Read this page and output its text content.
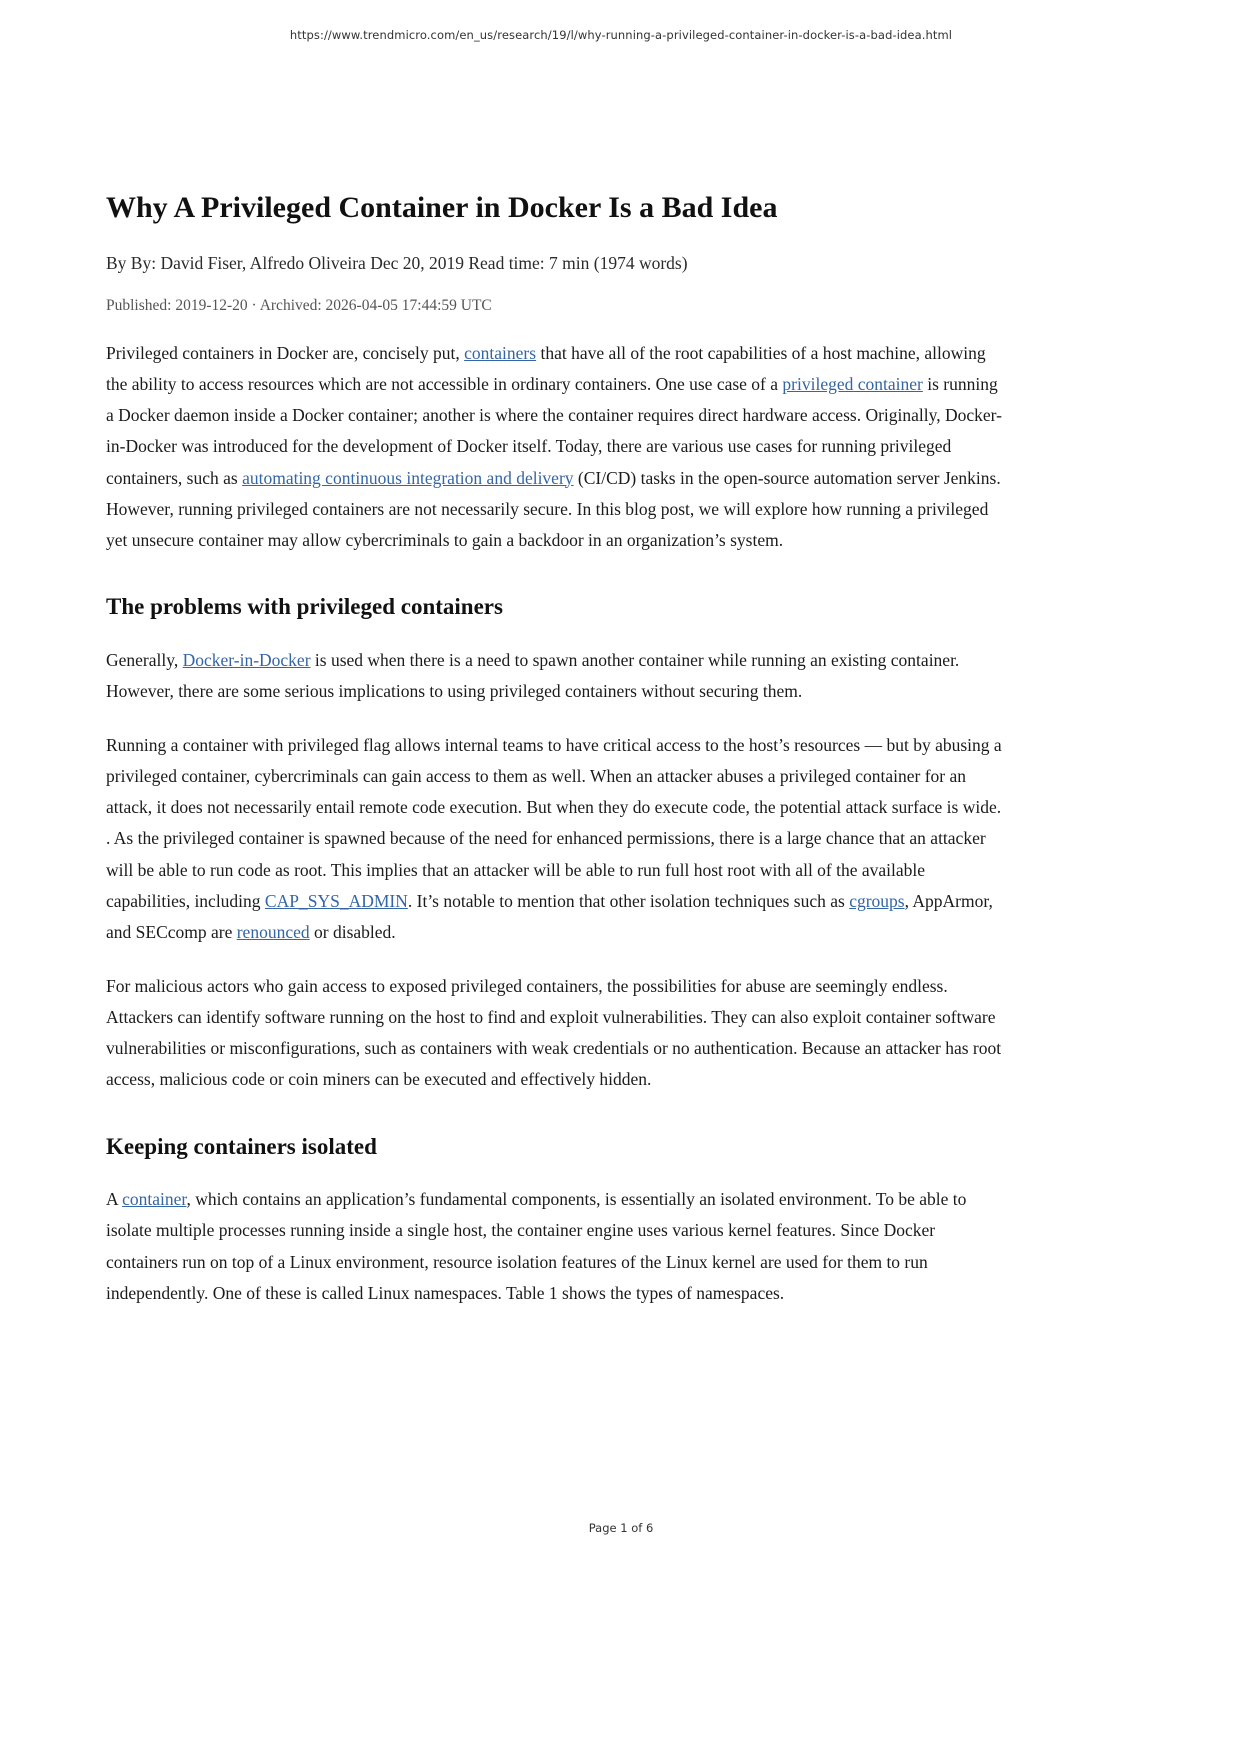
https://www.trendmicro.com/en_us/research/19/l/why-running-a-privileged-container-in-docker-is-a-bad-idea.html
Why A Privileged Container in Docker Is a Bad Idea

By By: David Fiser, Alfredo Oliveira Dec 20, 2019 Read time: 7 min (1974 words)

Published: 2019-12-20 · Archived: 2026-04-05 17:44:59 UTC

Privileged containers in Docker are, concisely put, containers that have all of the root capabilities of a host machine, allowing the ability to access resources which are not accessible in ordinary containers. One use case of a privileged container is running a Docker daemon inside a Docker container; another is where the container requires direct hardware access. Originally, Docker-in-Docker was introduced for the development of Docker itself. Today, there are various use cases for running privileged containers, such as automating continuous integration and delivery (CI/CD) tasks in the open-source automation server Jenkins. However, running privileged containers are not necessarily secure. In this blog post, we will explore how running a privileged yet unsecure container may allow cybercriminals to gain a backdoor in an organization’s system.

The problems with privileged containers

Generally, Docker-in-Docker is used when there is a need to spawn another container while running an existing container. However, there are some serious implications to using privileged containers without securing them.

Running a container with privileged flag allows internal teams to have critical access to the host’s resources — but by abusing a privileged container, cybercriminals can gain access to them as well. When an attacker abuses a privileged container for an attack, it does not necessarily entail remote code execution. But when they do execute code, the potential attack surface is wide. . As the privileged container is spawned because of the need for enhanced permissions, there is a large chance that an attacker will be able to run code as root. This implies that an attacker will be able to run full host root with all of the available capabilities, including CAP_SYS_ADMIN. It’s notable to mention that other isolation techniques such as cgroups, AppArmor, and SECcomp are renounced or disabled.

For malicious actors who gain access to exposed privileged containers, the possibilities for abuse are seemingly endless. Attackers can identify software running on the host to find and exploit vulnerabilities. They can also exploit container software vulnerabilities or misconfigurations, such as containers with weak credentials or no authentication. Because an attacker has root access, malicious code or coin miners can be executed and effectively hidden.

Keeping containers isolated

A container, which contains an application’s fundamental components, is essentially an isolated environment. To be able to isolate multiple processes running inside a single host, the container engine uses various kernel features. Since Docker containers run on top of a Linux environment, resource isolation features of the Linux kernel are used for them to run independently. One of these is called Linux namespaces. Table 1 shows the types of namespaces.

Page 1 of 6
